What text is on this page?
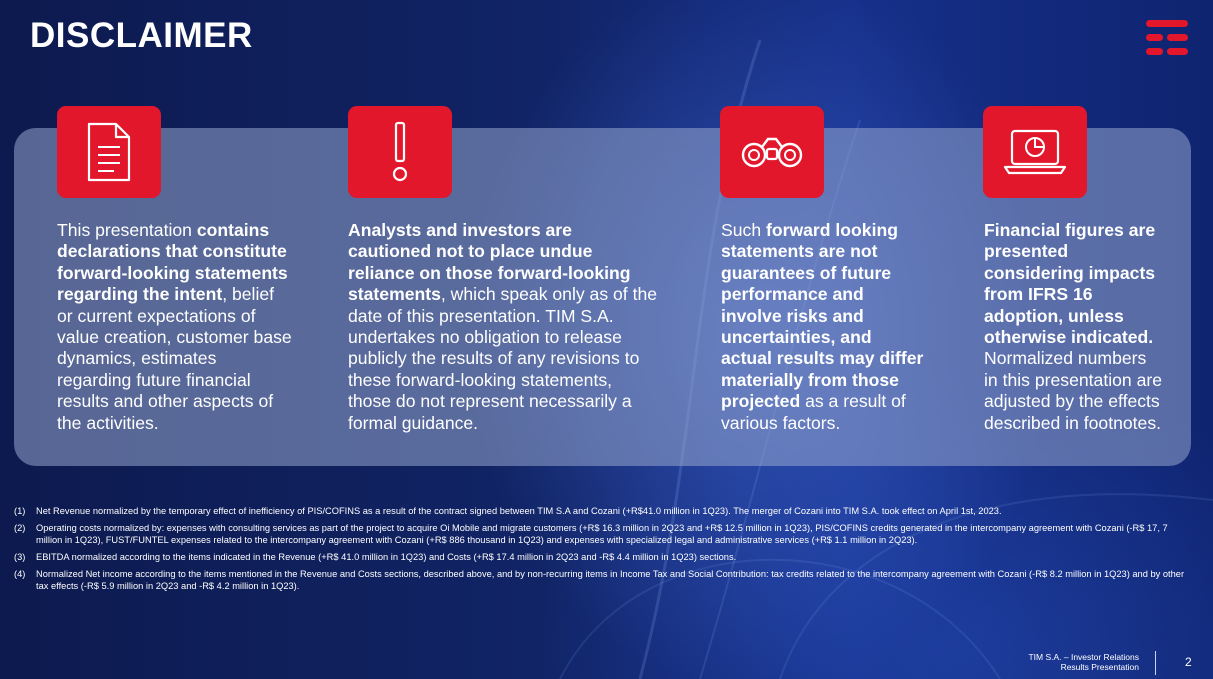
DISCLAIMER

This presentation contains declarations that constitute forward-looking statements regarding the intent, belief or current expectations of value creation, customer base dynamics, estimates regarding future financial results and other aspects of the activities.

Analysts and investors are cautioned not to place undue reliance on those forward-looking statements, which speak only as of the date of this presentation. TIM S.A. undertakes no obligation to release publicly the results of any revisions to these forward-looking statements, those do not represent necessarily a formal guidance.

Such forward looking statements are not guarantees of future performance and involve risks and uncertainties, and actual results may differ materially from those projected as a result of various factors.

Financial figures are presented considering impacts from IFRS 16 adoption, unless otherwise indicated. Normalized numbers in this presentation are adjusted by the effects described in footnotes.

(1)	Net Revenue normalized by the temporary effect of inefficiency of PIS/COFINS as a result of the contract signed between TIM S.A and Cozani (+R$41.0 million in 1Q23). The merger of Cozani into TIM S.A. took effect on April 1st, 2023.
(2)	Operating costs normalized by: expenses with consulting services as part of the project to acquire Oi Mobile and migrate customers (+R$ 16.3 million in 2Q23 and +R$ 12.5 million in 1Q23), PIS/COFINS credits generated in the intercompany agreement with Cozani (-R$ 17, 7 million in 1Q23), FUST/FUNTEL expenses related to the intercompany agreement with Cozani (+R$ 886 thousand in 1Q23) and expenses with specialized legal and administrative services (+R$ 1.1 million in 2Q23).
(3)	EBITDA normalized according to the items indicated in the Revenue (+R$ 41.0 million in 1Q23) and Costs (+R$ 17.4 million in 2Q23 and -R$ 4.4 million in 1Q23) sections.
(4)	Normalized Net income according to the items mentioned in the Revenue and Costs sections, described above, and by non-recurring items in Income Tax and Social Contribution: tax credits related to the intercompany agreement with Cozani (-R$ 8.2 million in 1Q23) and by other tax effects (-R$ 5.9 million in 2Q23 and -R$ 4.2 million in 1Q23).
TIM S.A. – Investor Relations
Results Presentation	2
